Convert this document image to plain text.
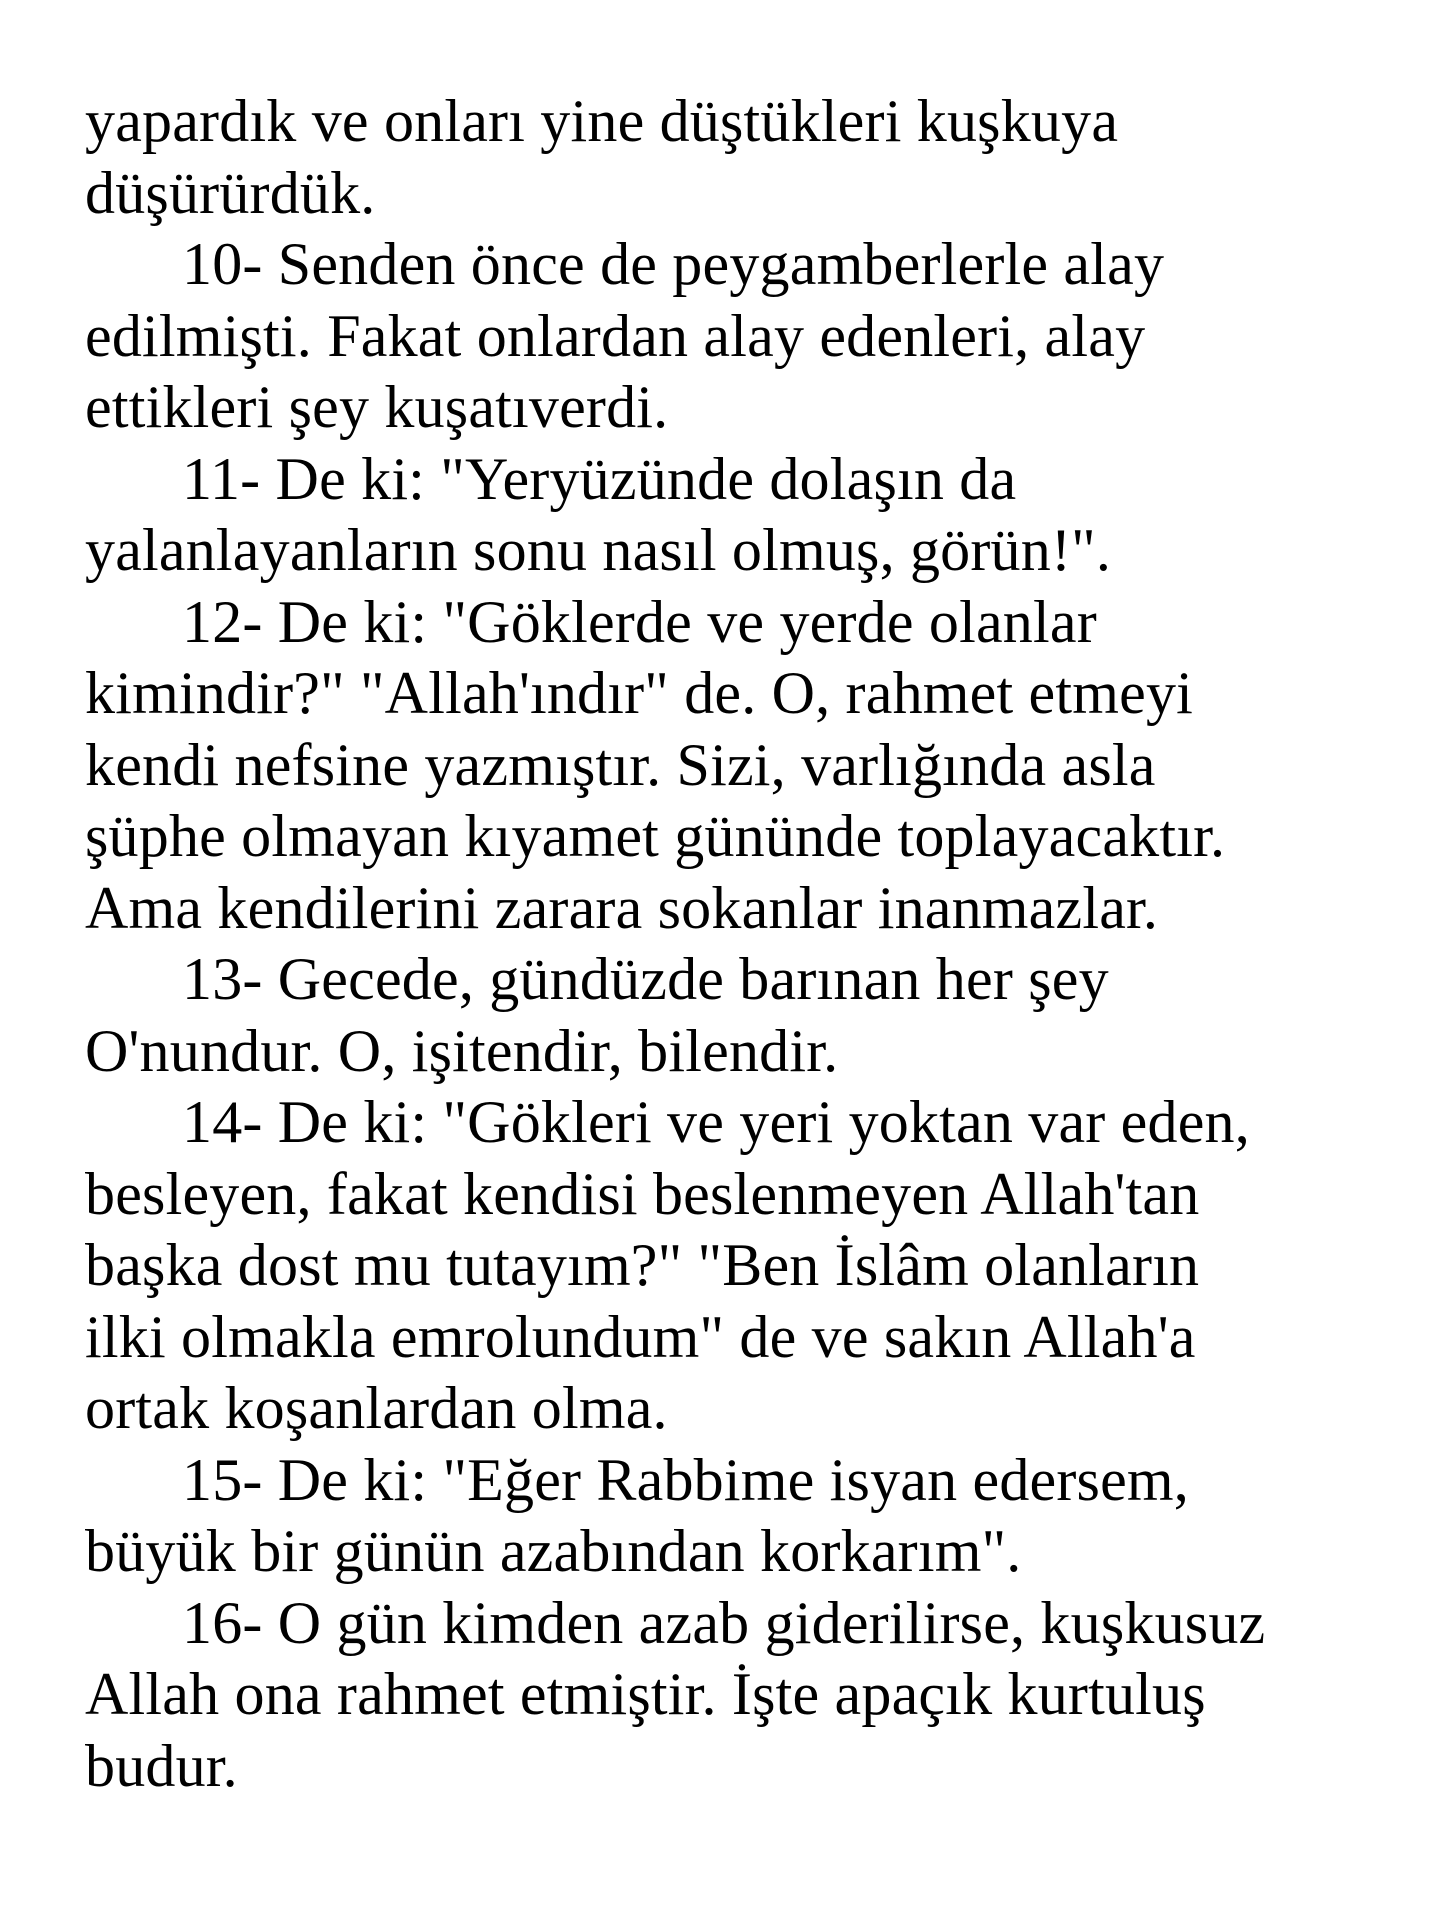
yapardık ve onları yine düştükleri kuşkuya
düşürürdük.
10- Senden önce de peygamberlerle alay
edilmişti. Fakat onlardan alay edenleri, alay
ettikleri şey kuşatıverdi.
11- De ki: "Yeryüzünde dolaşın da
yalanlayanların sonu nasıl olmuş, görün!".
12- De ki: "Göklerde ve yerde olanlar
kimindir?" "Allah'ındır" de. O, rahmet etmeyi
kendi nefsine yazmıştır. Sizi, varlığında asla
şüphe olmayan kıyamet gününde toplayacaktır.
Ama kendilerini zarara sokanlar inanmazlar.
13- Gecede, gündüzde barınan her şey
O'nundur. O, işitendir, bilendir.
14- De ki: "Gökleri ve yeri yoktan var eden,
besleyen, fakat kendisi beslenmeyen Allah'tan
başka dost mu tutayım?" "Ben İslâm olanların
ilki olmakla emrolundum" de ve sakın Allah'a
ortak koşanlardan olma.
15- De ki: "Eğer Rabbime isyan edersem,
büyük bir günün azabından korkarım".
16- O gün kimden azab giderilirse, kuşkusuz
Allah ona rahmet etmiştir. İşte apaçık kurtuluş
budur.
